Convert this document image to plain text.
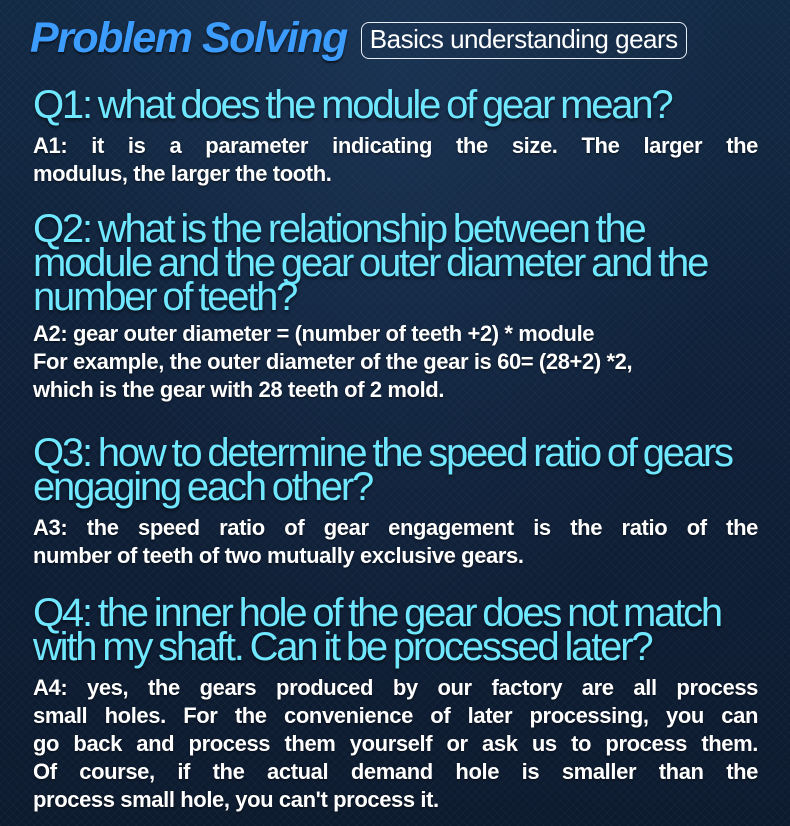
Problem Solving Basics understanding gears
Q1: what does the module of gear mean?
A1: it is a parameter indicating the size. The larger the
modulus, the larger the tooth.
Q2: what is the relationship between the module and the gear outer diameter and the number of teeth?
A2: gear outer diameter = (number of teeth +2) * module
For example, the outer diameter of the gear is 60= (28+2) *2,
which is the gear with 28 teeth of 2 mold.
Q3: how to determine the speed ratio of gears engaging each other?
A3: the speed ratio of gear engagement is the ratio of the
number of teeth of two mutually exclusive gears.
Q4: the inner hole of the gear does not match with my shaft. Can it be processed later?
A4: yes, the gears produced by our factory are all process
small holes. For the convenience of later processing, you can
go back and process them yourself or ask us to process them.
Of course, if the actual demand hole is smaller than the
process small hole, you can't process it.
